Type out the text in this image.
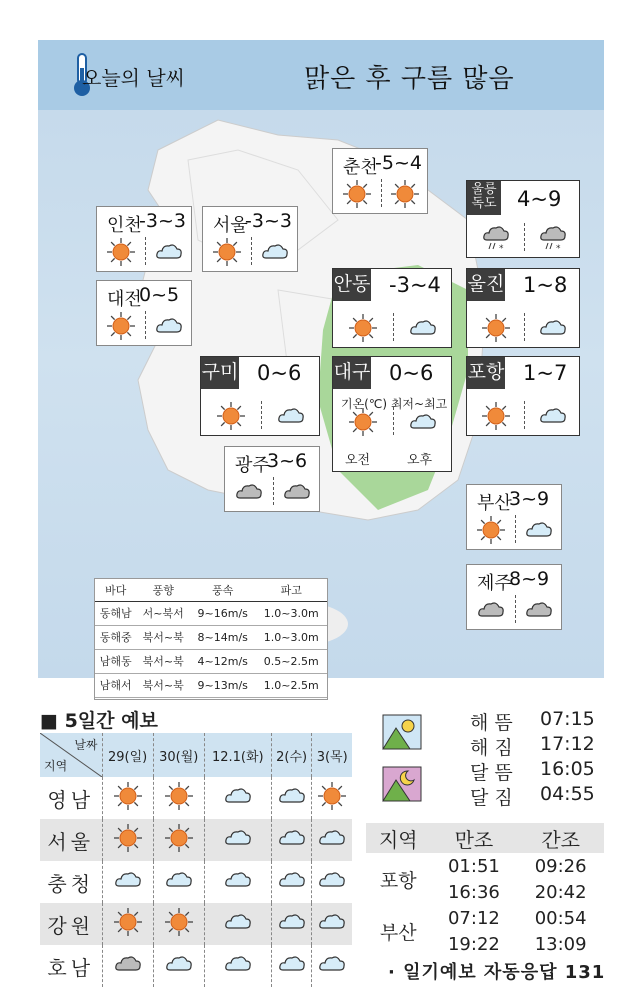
오늘의 날씨	맑은 후 구름 많음
춘천
-5~4
울릉
독도 4~9
*	*
인천
-3~3 서울
-3~3
대전
0~5	안동 -3~4 울진 1~8
구미 0~6 대구 0~6
기온(℃) 최저~최고
오전	오후
포항 1~7
광주
3~6
부산
3~9
제주
8~9
바다	풍향	풍속	파고
동해남	서~북서	9~16m/s	1.0~3.0m
동해중	북서~북	8~14m/s	1.0~3.0m
남해동	북서~북	4~12m/s	0.5~2.5m
남해서	북서~북	9~13m/s	1.0~2.5m
■ 5일간 예보
날짜
지역	29(일)	30(월)	12.1(화)	2(수)	3(목)
영남					
서울					
충청					
강원					
호남					
해 뜸 07:15
해 짐 17:12
달 뜸 16:05
달 짐 04:55
지역	만조	간조
포항	01:51	09:26
	16:36	20:42
부산	07:12	00:54
	19:22	13:09
· 일기예보 자동응답 131
